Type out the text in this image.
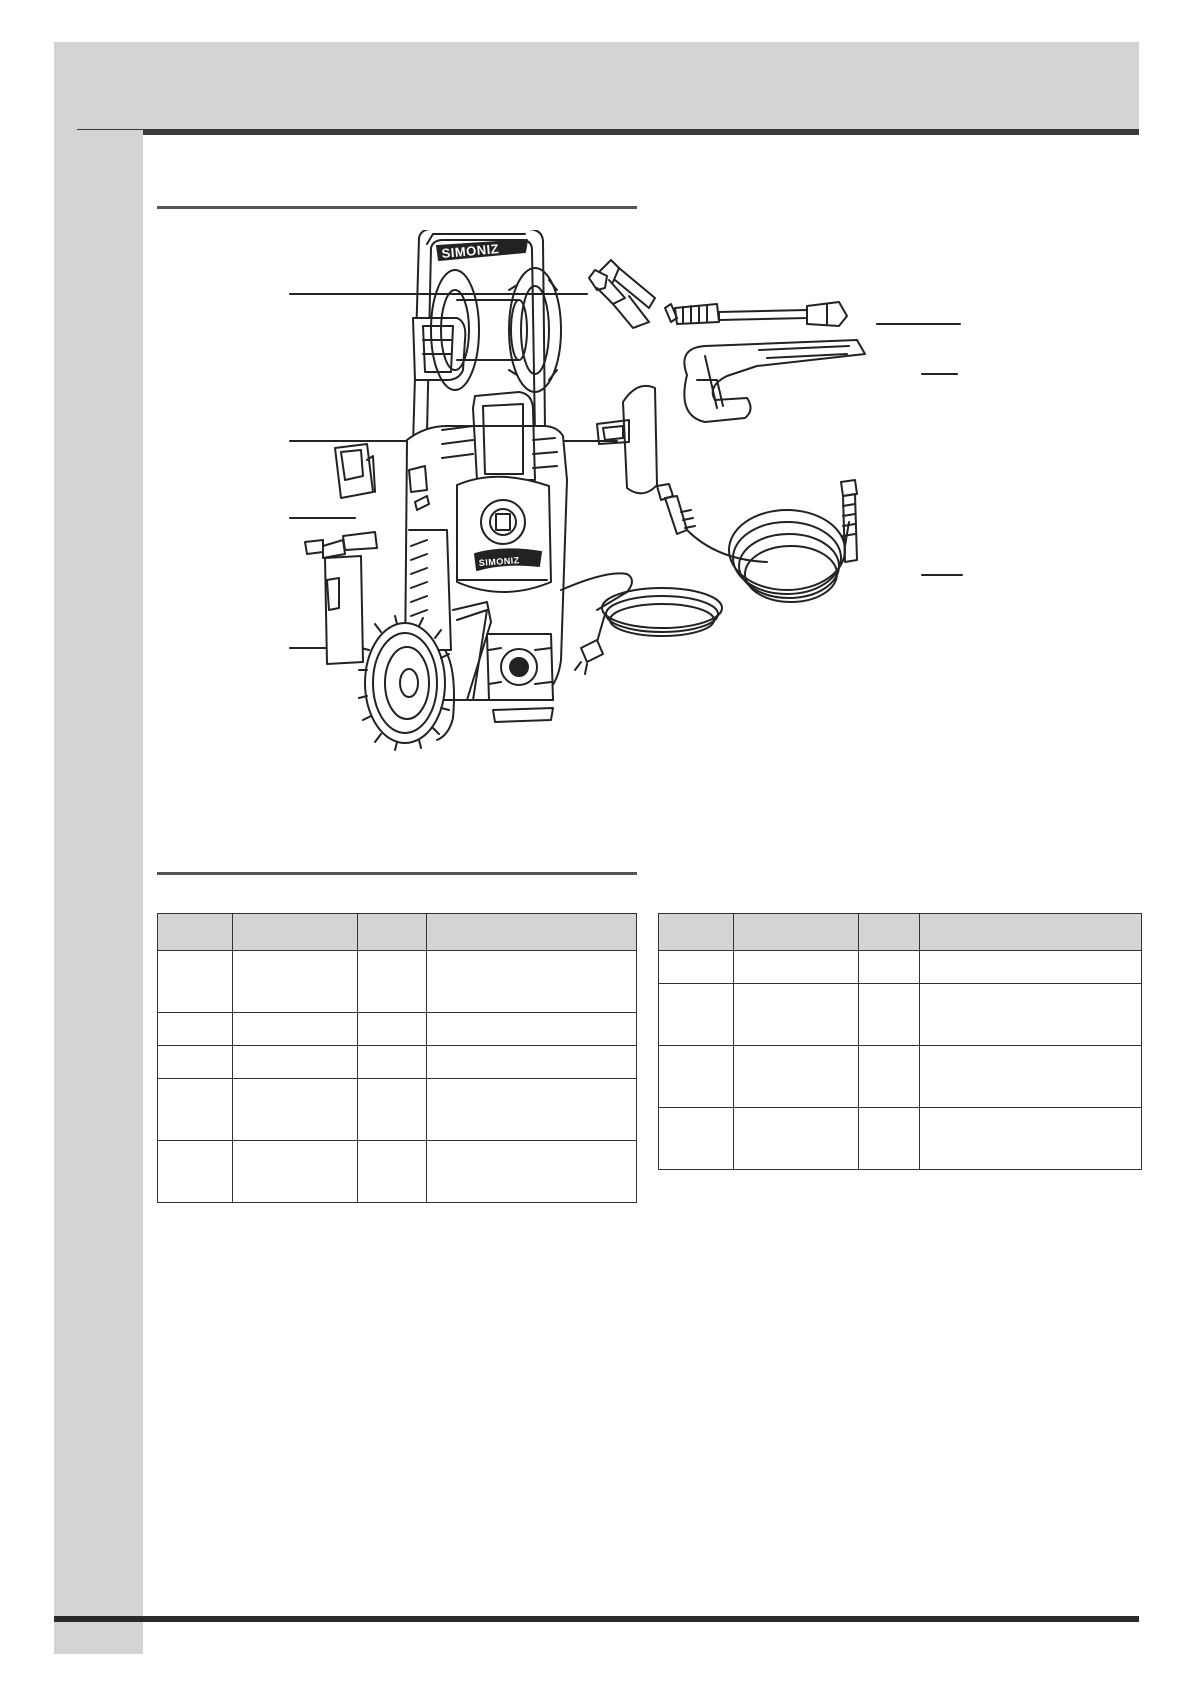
SIMONIZ
SIMONIZ
